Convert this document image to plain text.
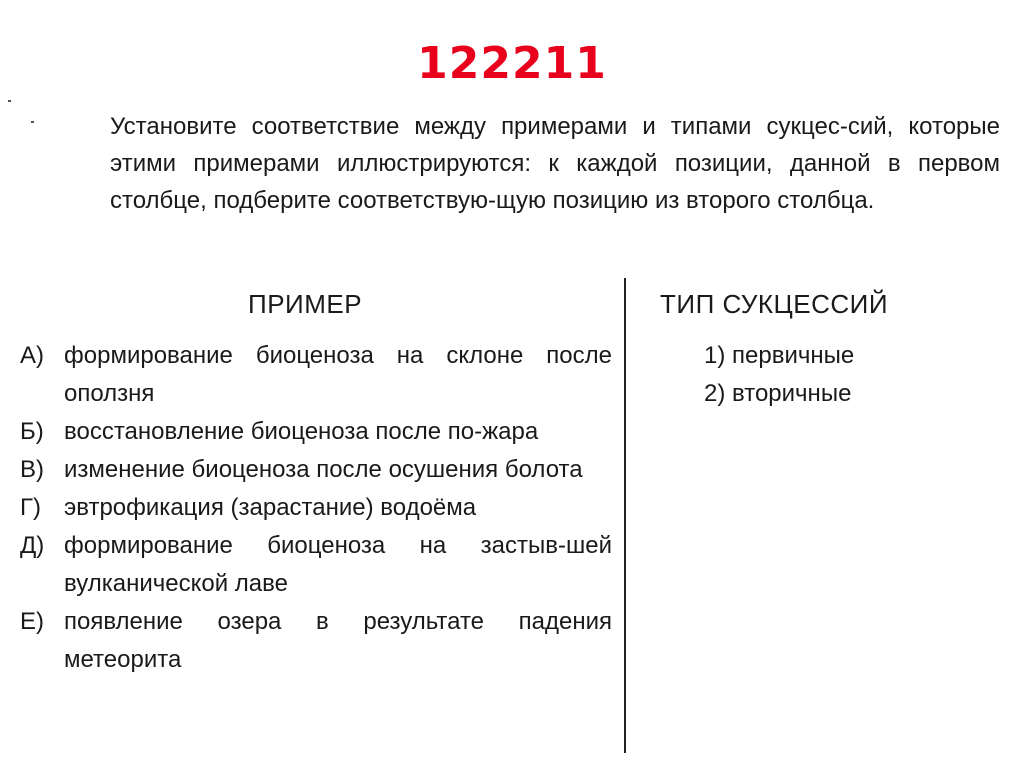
122211
Установите соответствие между примерами и типами сукцес-сий, которые этими примерами иллюстрируются: к каждой позиции, данной в первом столбце, подберите соответствую-щую позицию из второго столбца.
ПРИМЕР	ТИП СУКЦЕССИЙ
А) формирование биоценоза на склоне после оползня
Б) восстановление биоценоза после по-жара
В) изменение биоценоза после осушения болота
Г) эвтрофикация (зарастание) водоёма
Д) формирование биоценоза на застыв-шей вулканической лаве
Е) появление озера в результате падения метеорита
1) первичные
2) вторичные
